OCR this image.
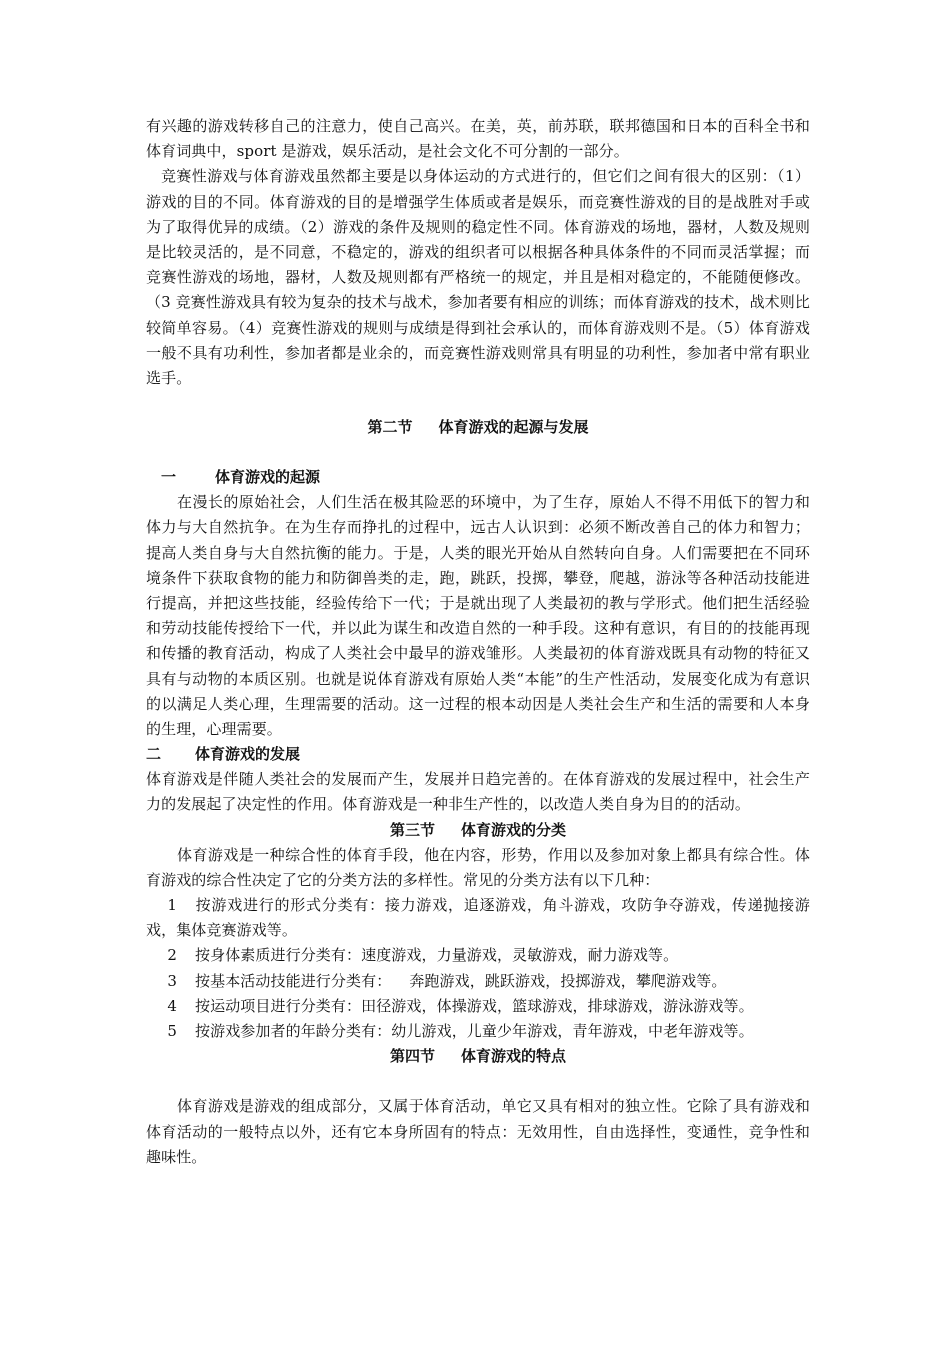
有兴趣的游戏转移自己的注意力，使自己高兴。在美，英，前苏联，联邦德国和日本的百科全书和体育词典中，sport 是游戏，娱乐活动，是社会文化不可分割的一部分。

竞赛性游戏与体育游戏虽然都主要是以身体运动的方式进行的，但它们之间有很大的区别：（1）游戏的目的不同。体育游戏的目的是增强学生体质或者是娱乐，而竞赛性游戏的目的是战胜对手或为了取得优异的成绩。（2）游戏的条件及规则的稳定性不同。体育游戏的场地，器材，人数及规则是比较灵活的，是不同意，不稳定的，游戏的组织者可以根据各种具体条件的不同而灵活掌握；而竞赛性游戏的场地，器材，人数及规则都有严格统一的规定，并且是相对稳定的，不能随便修改。（3 竞赛性游戏具有较为复杂的技术与战术，参加者要有相应的训练；而体育游戏的技术，战术则比较简单容易。（4）竞赛性游戏的规则与成绩是得到社会承认的，而体育游戏则不是。（5）体育游戏一般不具有功利性，参加者都是业余的，而竞赛性游戏则常具有明显的功利性，参加者中常有职业选手。

第二节 体育游戏的起源与发展
一	体育游戏的起源

在漫长的原始社会，人们生活在极其险恶的环境中，为了生存，原始人不得不用低下的智力和体力与大自然抗争。在为生存而挣扎的过程中，远古人认识到：必须不断改善自己的体力和智力；提高人类自身与大自然抗衡的能力。于是，人类的眼光开始从自然转向自身。人们需要把在不同环境条件下获取食物的能力和防御兽类的走，跑，跳跃，投掷，攀登，爬越，游泳等各种活动技能进行提高，并把这些技能，经验传给下一代；于是就出现了人类最初的教与学形式。他们把生活经验和劳动技能传授给下一代，并以此为谋生和改造自然的一种手段。这种有意识，有目的的技能再现和传播的教育活动，构成了人类社会中最早的游戏雏形。人类最初的体育游戏既具有动物的特征又具有与动物的本质区别。也就是说体育游戏有原始人类“本能”的生产性活动，发展变化成为有意识的以满足人类心理，生理需要的活动。这一过程的根本动因是人类社会生产和生活的需要和人本身的生理，心理需要。

二 体育游戏的发展

体育游戏是伴随人类社会的发展而产生，发展并日趋完善的。在体育游戏的发展过程中，社会生产力的发展起了决定性的作用。体育游戏是一种非生产性的，以改造人类自身为目的的活动。

第三节 体育游戏的分类

体育游戏是一种综合性的体育手段，他在内容，形势，作用以及参加对象上都具有综合性。体育游戏的综合性决定了它的分类方法的多样性。常见的分类方法有以下几种：

1 按游戏进行的形式分类有：接力游戏，追逐游戏，角斗游戏，攻防争夺游戏，传递抛接游戏，集体竞赛游戏等。

2 按身体素质进行分类有：速度游戏，力量游戏，灵敏游戏，耐力游戏等。

3 按基本活动技能进行分类有： 奔跑游戏，跳跃游戏，投掷游戏，攀爬游戏等。

4 按运动项目进行分类有：田径游戏，体操游戏，篮球游戏，排球游戏，游泳游戏等。

5 按游戏参加者的年龄分类有：幼儿游戏，儿童少年游戏，青年游戏，中老年游戏等。

第四节 体育游戏的特点

体育游戏是游戏的组成部分，又属于体育活动，单它又具有相对的独立性。它除了具有游戏和体育活动的一般特点以外，还有它本身所固有的特点：无效用性，自由选择性，变通性，竞争性和趣味性。
